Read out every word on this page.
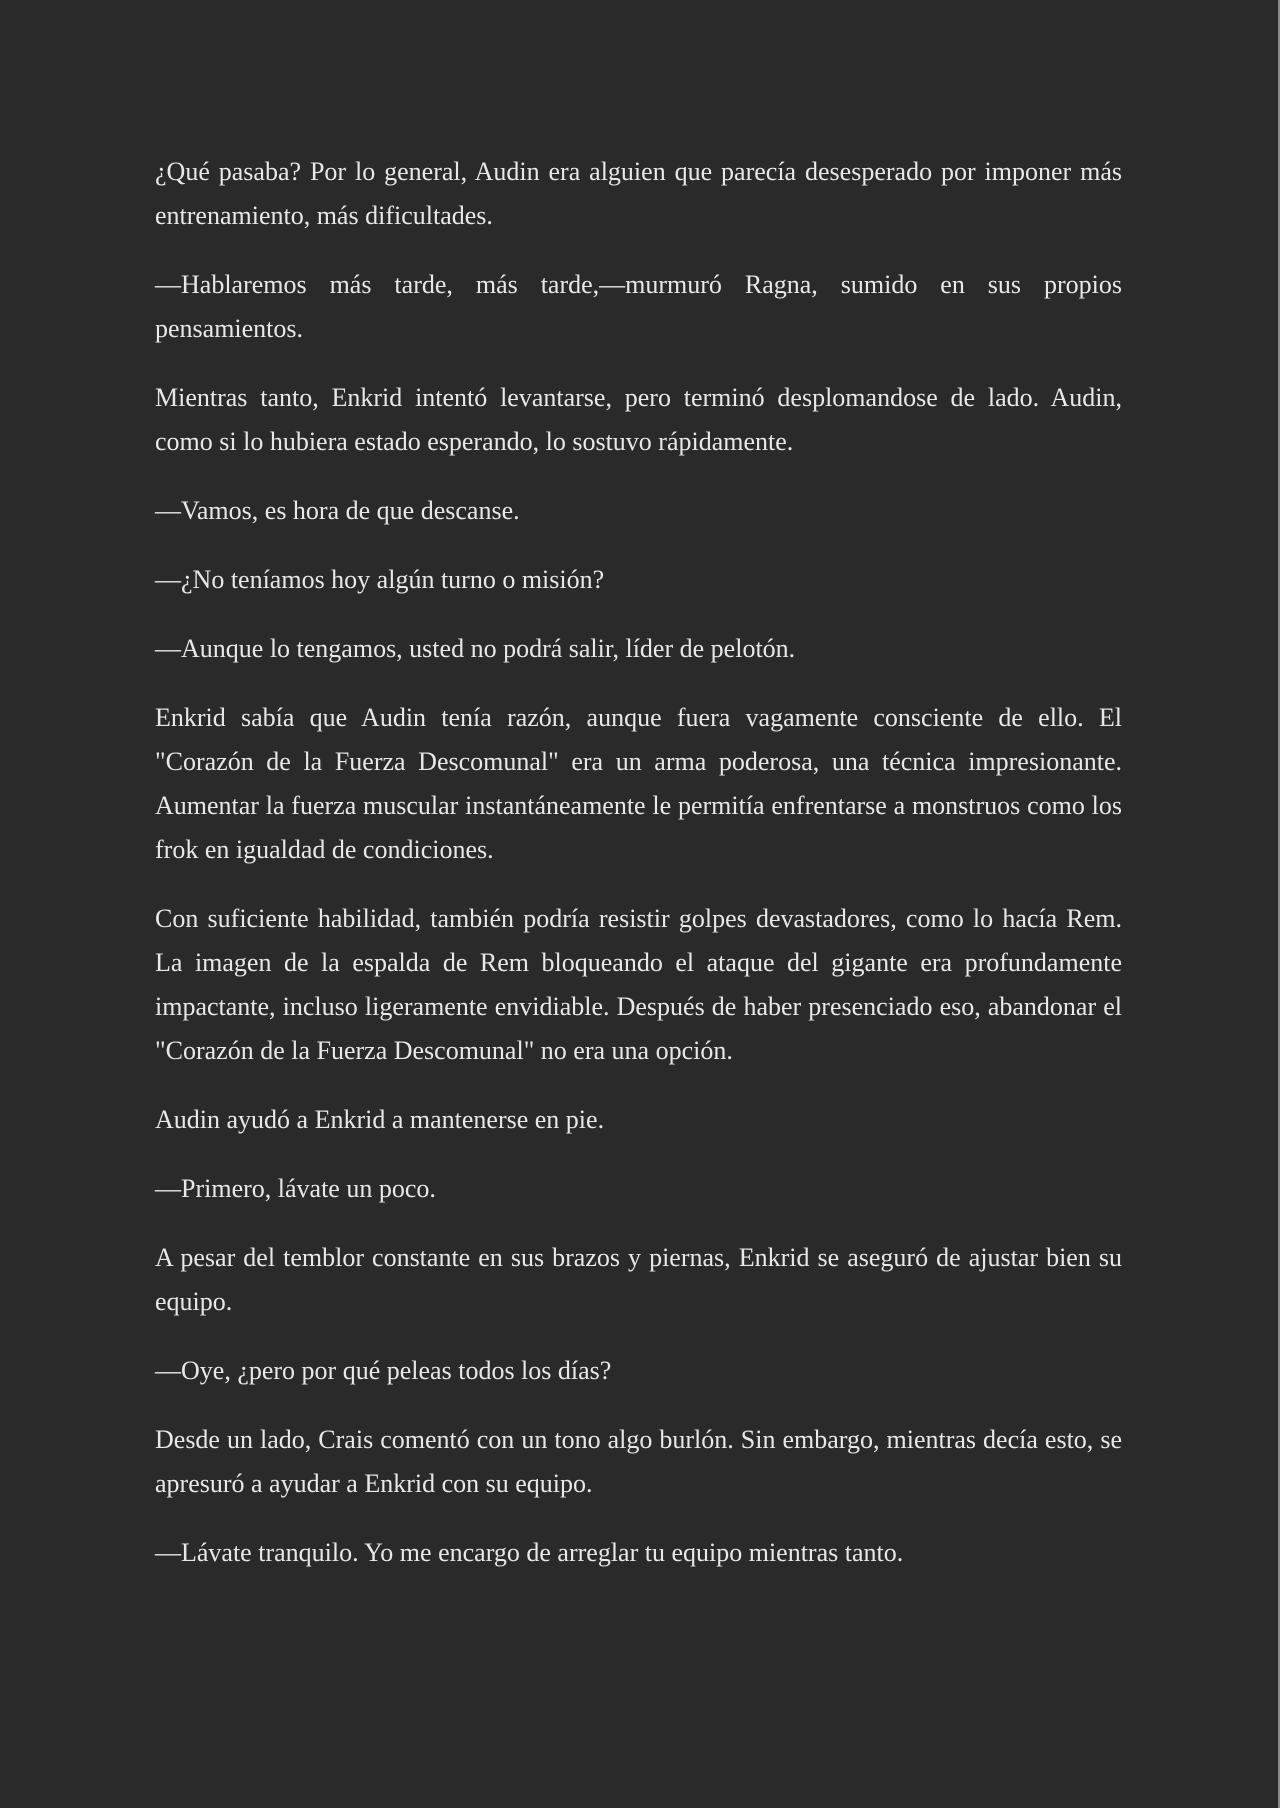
¿Qué pasaba? Por lo general, Audin era alguien que parecía desesperado por imponer más entrenamiento, más dificultades.

—Hablaremos más tarde, más tarde,—murmuró Ragna, sumido en sus propios pensamientos.

Mientras tanto, Enkrid intentó levantarse, pero terminó desplomandose de lado. Audin, como si lo hubiera estado esperando, lo sostuvo rápidamente.

—Vamos, es hora de que descanse.

—¿No teníamos hoy algún turno o misión?

—Aunque lo tengamos, usted no podrá salir, líder de pelotón.

Enkrid sabía que Audin tenía razón, aunque fuera vagamente consciente de ello. El "Corazón de la Fuerza Descomunal" era un arma poderosa, una técnica impresionante. Aumentar la fuerza muscular instantáneamente le permitía enfrentarse a monstruos como los frok en igualdad de condiciones.

Con suficiente habilidad, también podría resistir golpes devastadores, como lo hacía Rem. La imagen de la espalda de Rem bloqueando el ataque del gigante era profundamente impactante, incluso ligeramente envidiable. Después de haber presenciado eso, abandonar el "Corazón de la Fuerza Descomunal" no era una opción.

Audin ayudó a Enkrid a mantenerse en pie.

—Primero, lávate un poco.

A pesar del temblor constante en sus brazos y piernas, Enkrid se aseguró de ajustar bien su equipo.

—Oye, ¿pero por qué peleas todos los días?

Desde un lado, Crais comentó con un tono algo burlón. Sin embargo, mientras decía esto, se apresuró a ayudar a Enkrid con su equipo.

—Lávate tranquilo. Yo me encargo de arreglar tu equipo mientras tanto.
